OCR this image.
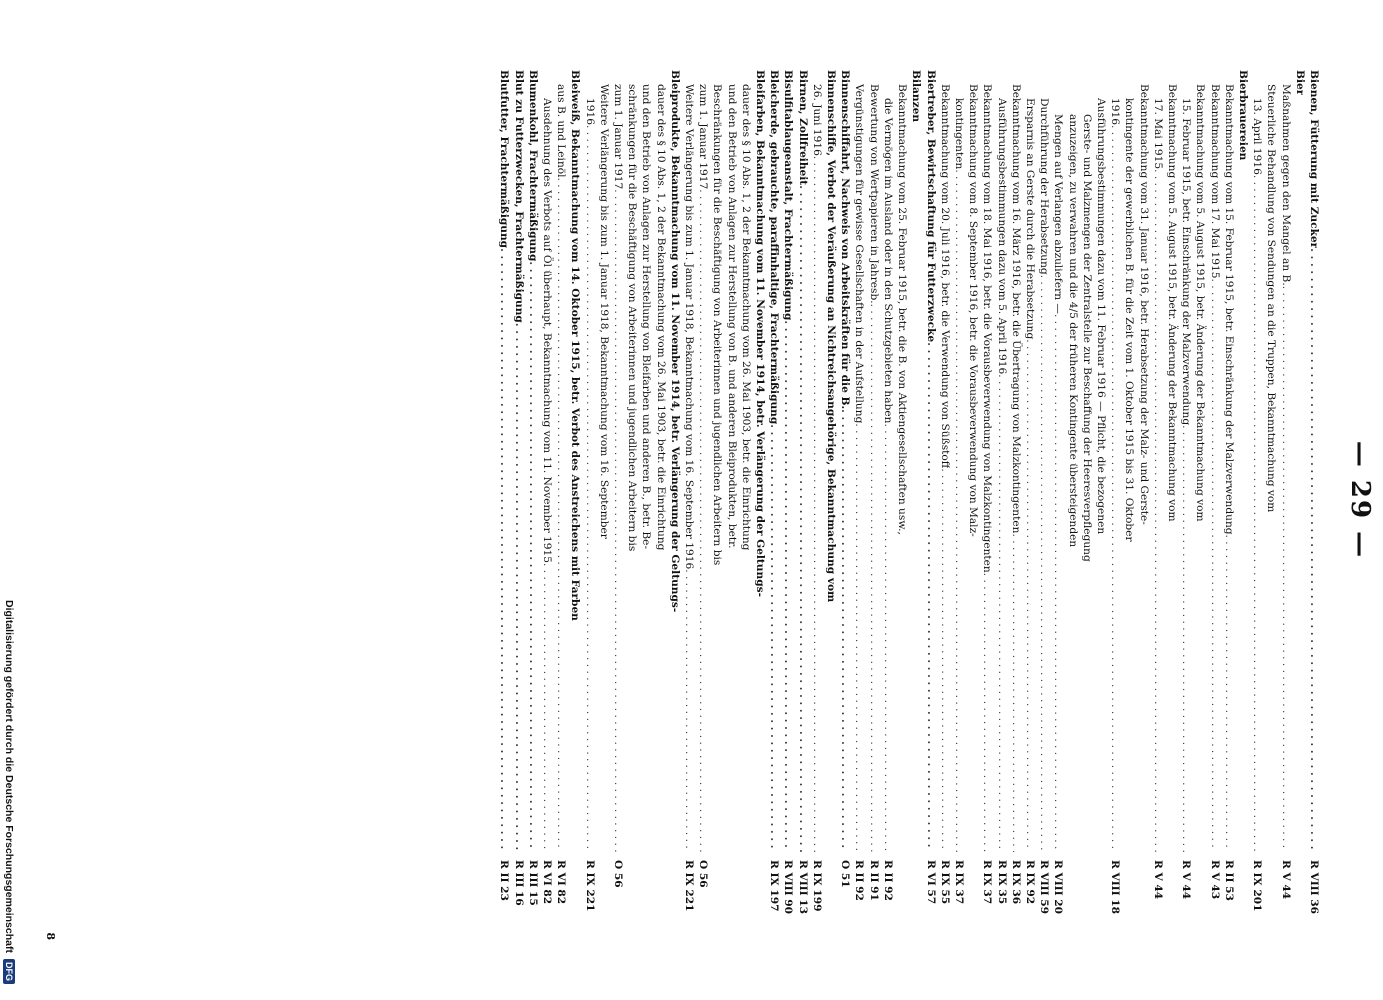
— 29 —
Bienen, Fütterung mit Zucker
. . .
R VIII 36
Bier
Maßnahmen gegen den Mangel an B.
. . .
R V 44
Steuerliche Behandlung von Sendungen an die Truppen, Bekanntmachung vom
13. April 1916
. . .
R IX 201
Bierbrauereien
Bekanntmachung vom 15. Februar 1915, betr. Einschränkung der Malzverwendung
. . .
R II 53
Bekanntmachung vom 17. Mai 1915
. . .
R V 43
Bekanntmachung vom 5. August 1915, betr. Änderung der Bekanntmachung vom
15. Februar 1915, betr. Einschränkung der Malzverwendung
. . .
R V 44
Bekanntmachung vom 5. August 1915, betr. Änderung der Bekanntmachung vom
17. Mai 1915
. . .
R V 44
Bekanntmachung vom 31. Januar 1916, betr. Herabsetzung der Malz- und Gerste-
kontingente der gewerblichen B. für die Zeit vom 1. Oktober 1915 bis 31. Oktober
1916
. . .
R VIII 18
Ausführungsbestimmungen dazu vom 11. Februar 1916 — Pflicht, die bezogenen
Gerste- und Malzmengen der Zentralstelle zur Beschaffung der Heeresverpflegung
anzuzeigen, zu verwahren und die 4/5 der früheren Kontingente übersteigenden
Mengen auf Verlangen abzuliefern —
. . .
R VIII 20
Durchführung der Herabsetzung
. . .
R VIII 59
Ersparnis an Gerste durch die Herabsetzung
. . .
R IX 92
Bekanntmachung vom 16. März 1916, betr. die Übertragung von Malzkontingenten
. . .
R IX 36
Ausführungsbestimmungen dazu vom 5. April 1916
. . .
R IX 35
Bekanntmachung vom 18. Mai 1916, betr. die Vorausbeverwendung von Malzkontingenten
. . .
R IX 37
Bekanntmachung vom 8. September 1916, betr. die Vorausbeverwendung von Malz-
kontingenten
. . .
R IX 37
Bekanntmachung vom 20. Juli 1916, betr. die Verwendung von Süßstoff
. . .
R IX 55
Biertreber, Bewirtschaftung für Futterzwecke
. . .
R VI 57
Bilanzen
Bekanntmachung vom 25. Februar 1915, betr. die B. von Aktiengesellschaften usw.,
die Vermögen im Ausland oder in den Schutzgebieten haben
. . .
R II 92
Bewertung von Wertpapieren in Jahresb.
. . .
R II 91
Vergünstigungen für gewisse Gesellschaften in der Aufstellung
. . .
R II 92
Binnenschiffahrt, Nachweis von Arbeitskräften für die B.
. . .
O 51
Binnenschiffe, Verbot der Veräußerung an Nichtreichsangehörige, Bekanntmachung vom
26. Juni 1916
. . .
R IX 199
Birnen, Zollfreiheit
. . .
R VIII 13
Bisulfitablaugeanstalt, Frachtermäßigung
. . .
R VIII 90
Bleicherde, gebrauchte, paraffinhaltige, Frachtermäßigung
. . .
R IX 197
Bleifarben, Bekanntmachung vom 11. November 1914, betr. Verlängerung der Geltungs-
dauer des § 10 Abs. 1, 2 der Bekanntmachung vom 26. Mai 1903, betr. die Einrichtung
und den Betrieb von Anlagen zur Herstellung von B. und anderen Bleiprodukten, betr.
Beschränkungen für die Beschäftigung von Arbeiterinnen und jugendlichen Arbeitern bis
zum 1. Januar 1917
. . .
O 56
Weitere Verlängerung bis zum 1. Januar 1918, Bekanntmachung vom 16. September 1916
. . .
R IX 221
Bleiprodukte, Bekanntmachung vom 11. November 1914, betr. Verlängerung der Geltungs-
dauer des § 10 Abs. 1, 2 der Bekanntmachung vom 26. Mai 1903, betr. die Einrichtung
und den Betrieb von Anlagen zur Herstellung von Bleifarben und anderen B., betr. Be-
schränkungen für die Beschäftigung von Arbeiterinnen und jugendlichen Arbeitern bis
zum 1. Januar 1917
. . .
O 56
Weitere Verlängerung bis zum 1. Januar 1918, Bekanntmachung vom 16. September
1916
. . .
R IX 221
Bleiweiß, Bekanntmachung vom 14. Oktober 1915, betr. Verbot des Anstreichens mit Farben
aus B. und Leinöl
. . .
R VI 82
Ausdehnung des Verbots auf Öl überhaupt, Bekanntmachung vom 11. November 1915
. . .
R VI 82
Blumenkohl, Frachtermäßigung
. . .
R III 15
Blut zu Futterzwecken, Frachtermäßigung
. . .
R III 16
Blutfutter, Frachtermäßigung
. . .
R II 23
8
Digitalisierung gefördert durch die Deutsche Forschungsgemeinschaft
DFG
